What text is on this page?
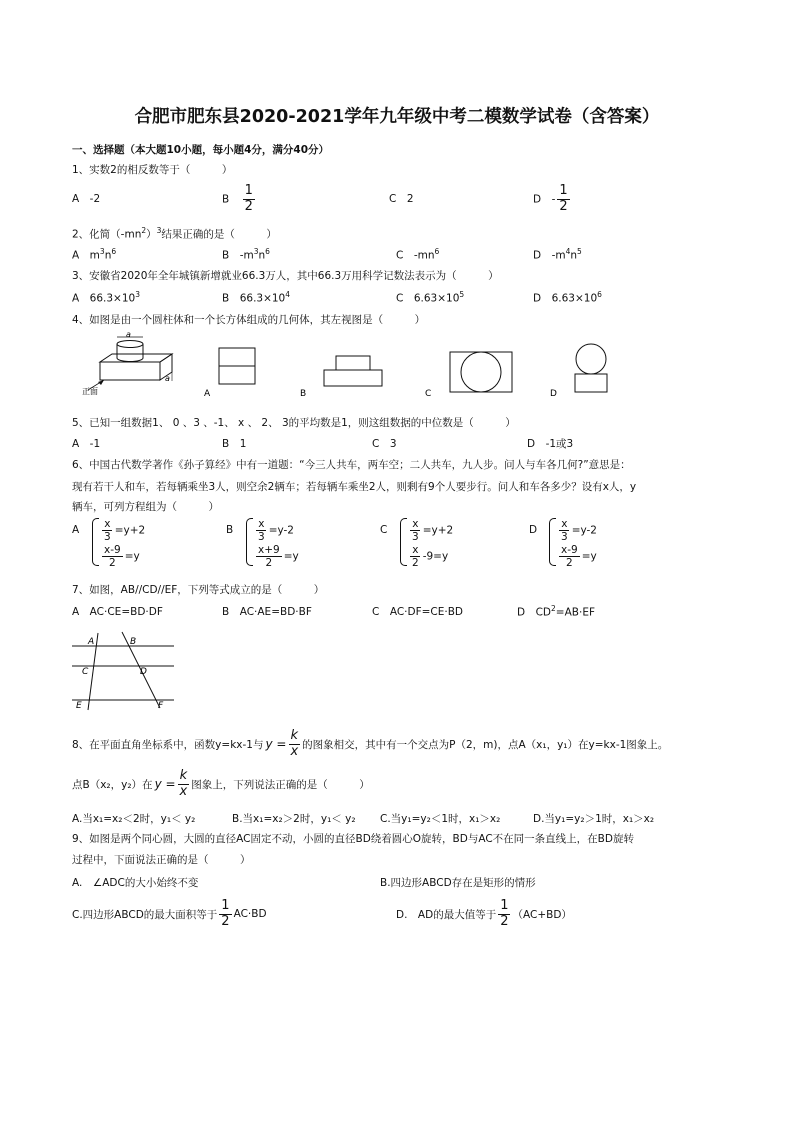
合肥市肥东县2020-2021学年九年级中考二模数学试卷（含答案）
一、选择题（本大题10小题，每小题4分，满分40分）
1、实数2的相反数等于（　　　）
A　-2	B $\frac{1}{2}$	C　2	D　- $\frac{1}{2}$
2、化简$(-mn^2)^3$结果正确的是（　　　）
A　$m^3n^6$	B　$-m^3n^6$	C　$-mn^6$	D　$-m^4n^5$
3、安徽省2020年全年城镇新增就业66.3万人，其中66.3万用科学记数法表示为（　　　）
A　$66.3\times 10^3$	B　$66.3\times 10^4$	C　$6.63\times 10^5$	D　$6.63\times 10^6$
4、如图是由一个圆柱体和一个长方体组成的几何体，其左视图是（　　　）
a
a
正面	A	B	C	D
5、已知一组数据1、 0 、3 、-1、 x 、 2、 3的平均数是1，则这组数据的中位数是（　　　）
A　-1	B　1	C　3	D　-1或3
6、中国古代数学著作《孙子算经》中有一道题：“今三人共车，两车空；二人共车，九人步。问人与车各几何?”意思是：
现有若干人和车，若每辆乘坐3人，则空余2辆车；若每辆车乘坐2人，则剩有9个人要步行。问人和车各多少？设有x人，y
辆车，可列方程组为（　　　）
A $\frac{x}{3} =y+2$
$\frac{x-9}{2} =y$
B $\frac{x}{3} =y-2$
$\frac{x+9}{2} =y$
C $\frac{x}{3} =y+2$
$\frac{x}{2} -9=y$
D $\frac{x}{3} =y-2$
$\frac{x-9}{2} =y$
7、如图，AB//CD//EF，下列等式成立的是（　　　）
A　AC·CE=BD·DF	B　AC·AE=BD·BF	C　AC·DF=CE·BD	D　$CD^2=AB\cdot EF$
A	B
C	D
E	F
8、在平面直角坐标系中，函数y=kx-1与 $y = \frac{k}{x}$ 的图象相交，其中有一个交点为P（2，m)，点A（x₁，y₁）在y=kx-1图象上。
点B（x₂，y₂）在 $y = \frac{k}{x}$ 图象上，下列说法正确的是（　　　）
A.当x₁=x₂＜2时，y₁＜ y₂	B.当x₁=x₂＞2时，y₁＜ y₂ C.当y₁=y₂＜1时，x₁＞x₂	D.当y₁=y₂＞1时，x₁＞x₂
9、如图是两个同心圆，大圆的直径AC固定不动，小圆的直径BD绕着圆心O旋转，BD与AC不在同一条直线上，在BD旋转
过程中，下面说法正确的是（　　　）
A.　∠ADC的大小始终不变	B.四边形ABCD存在是矩形的情形
C.四边形ABCD的最大面积等于 $\frac{1}{2} AC\cdot BD$	D.　AD的最大值等于 $\frac{1}{2} (AC+BD)$
